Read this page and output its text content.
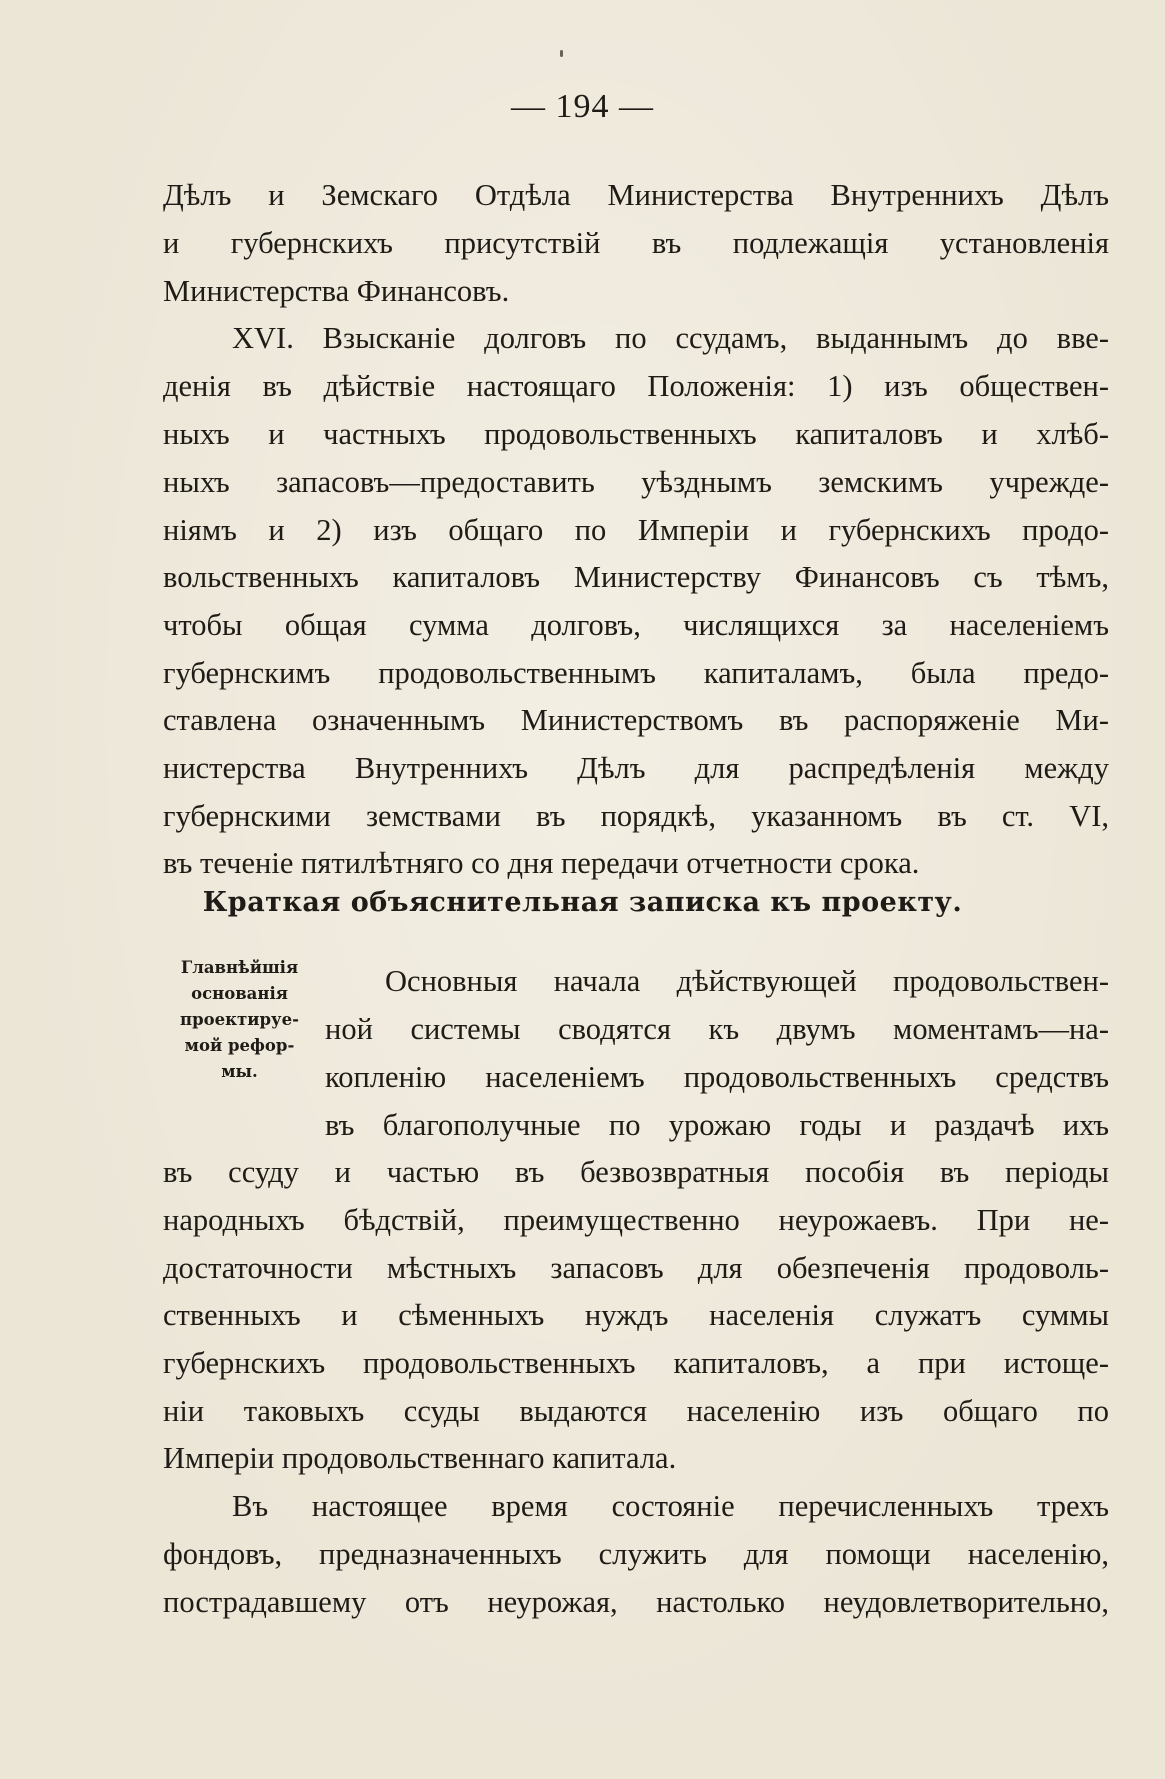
— 194 —
Дѣлъ и Земскаго Отдѣла Министерства Внутреннихъ Дѣлъ
и губернскихъ присутствій въ подлежащія установленія
Министерства Финансовъ.
XVI. Взысканіе долговъ по ссудамъ, выданнымъ до вве-
денія въ дѣйствіе настоящаго Положенія: 1) изъ обществен-
ныхъ и частныхъ продовольственныхъ капиталовъ и хлѣб-
ныхъ запасовъ—предоставить уѣзднымъ земскимъ учрежде-
ніямъ и 2) изъ общаго по Имперіи и губернскихъ продо-
вольственныхъ капиталовъ Министерству Финансовъ съ тѣмъ,
чтобы общая сумма долговъ, числящихся за населеніемъ
губернскимъ продовольственнымъ капиталамъ, была предо-
ставлена означеннымъ Министерствомъ въ распоряженіе Ми-
нистерства Внутреннихъ Дѣлъ для распредѣленія между
губернскими земствами въ порядкѣ, указанномъ въ ст. VI,
въ теченіе пятилѣтняго со дня передачи отчетности срока.
Краткая объяснительная записка къ проекту.
Главнѣйшія
основанія
проектируе-
мой рефор-
мы.
Основныя начала дѣйствующей продовольствен-
ной системы сводятся къ двумъ моментамъ—на-
копленію населеніемъ продовольственныхъ средствъ
въ благополучные по урожаю годы и раздачѣ ихъ
въ ссуду и частью въ безвозвратныя пособія въ періоды
народныхъ бѣдствій, преимущественно неурожаевъ. При не-
достаточности мѣстныхъ запасовъ для обезпеченія продоволь-
ственныхъ и сѣменныхъ нуждъ населенія служатъ суммы
губернскихъ продовольственныхъ капиталовъ, а при истоще-
ніи таковыхъ ссуды выдаются населенію изъ общаго по
Имперіи продовольственнаго капитала.
Въ настоящее время состояніе перечисленныхъ трехъ
фондовъ, предназначенныхъ служить для помощи населенію,
пострадавшему отъ неурожая, настолько неудовлетворительно,
